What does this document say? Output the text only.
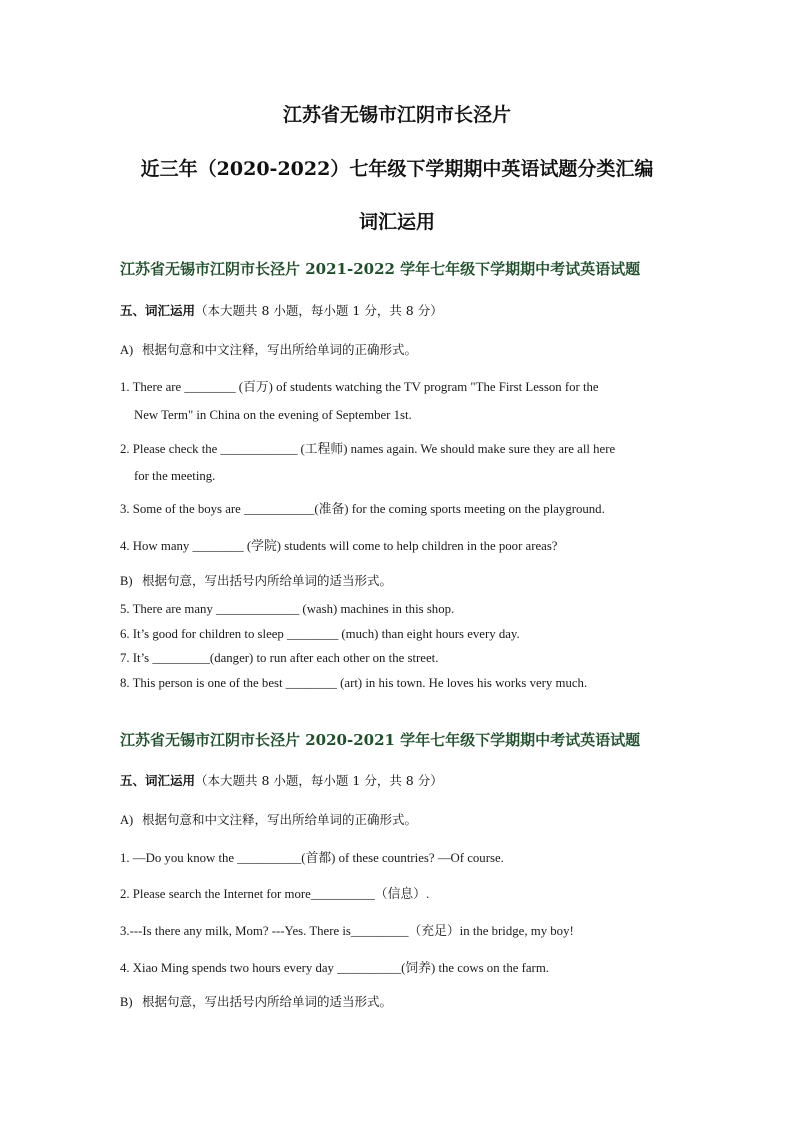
江苏省无锡市江阴市长泾片
近三年（2020-2022）七年级下学期期中英语试题分类汇编
词汇运用
江苏省无锡市江阴市长泾片 2021-2022 学年七年级下学期期中考试英语试题
五、词汇运用（本大题共 8 小题，每小题 1 分，共 8 分）
A) 根据句意和中文注释，写出所给单词的正确形式。
1. There are ________ (百万) of students watching the TV program "The First Lesson for the
New Term" in China on the evening of September 1st.
2. Please check the ____________ (工程师) names again. We should make sure they are all here
for the meeting.
3. Some of the boys are ___________(准备) for the coming sports meeting on the playground.
4. How many ________ (学院) students will come to help children in the poor areas?
B) 根据句意，写出括号内所给单词的适当形式。
5. There are many _____________ (wash) machines in this shop.
6. It’s good for children to sleep ________ (much) than eight hours every day.
7. It’s _________(danger) to run after each other on the street.
8. This person is one of the best ________ (art) in his town. He loves his works very much.
江苏省无锡市江阴市长泾片 2020-2021 学年七年级下学期期中考试英语试题
五、词汇运用（本大题共 8 小题，每小题 1 分，共 8 分）
A) 根据句意和中文注释，写出所给单词的正确形式。
1. —Do you know the __________(首都) of these countries? —Of course.
2. Please search the Internet for more__________（信息）.
3.---Is there any milk, Mom? ---Yes. There is_________（充足）in the bridge, my boy!
4. Xiao Ming spends two hours every day __________(饲养) the cows on the farm.
B) 根据句意，写出括号内所给单词的适当形式。
